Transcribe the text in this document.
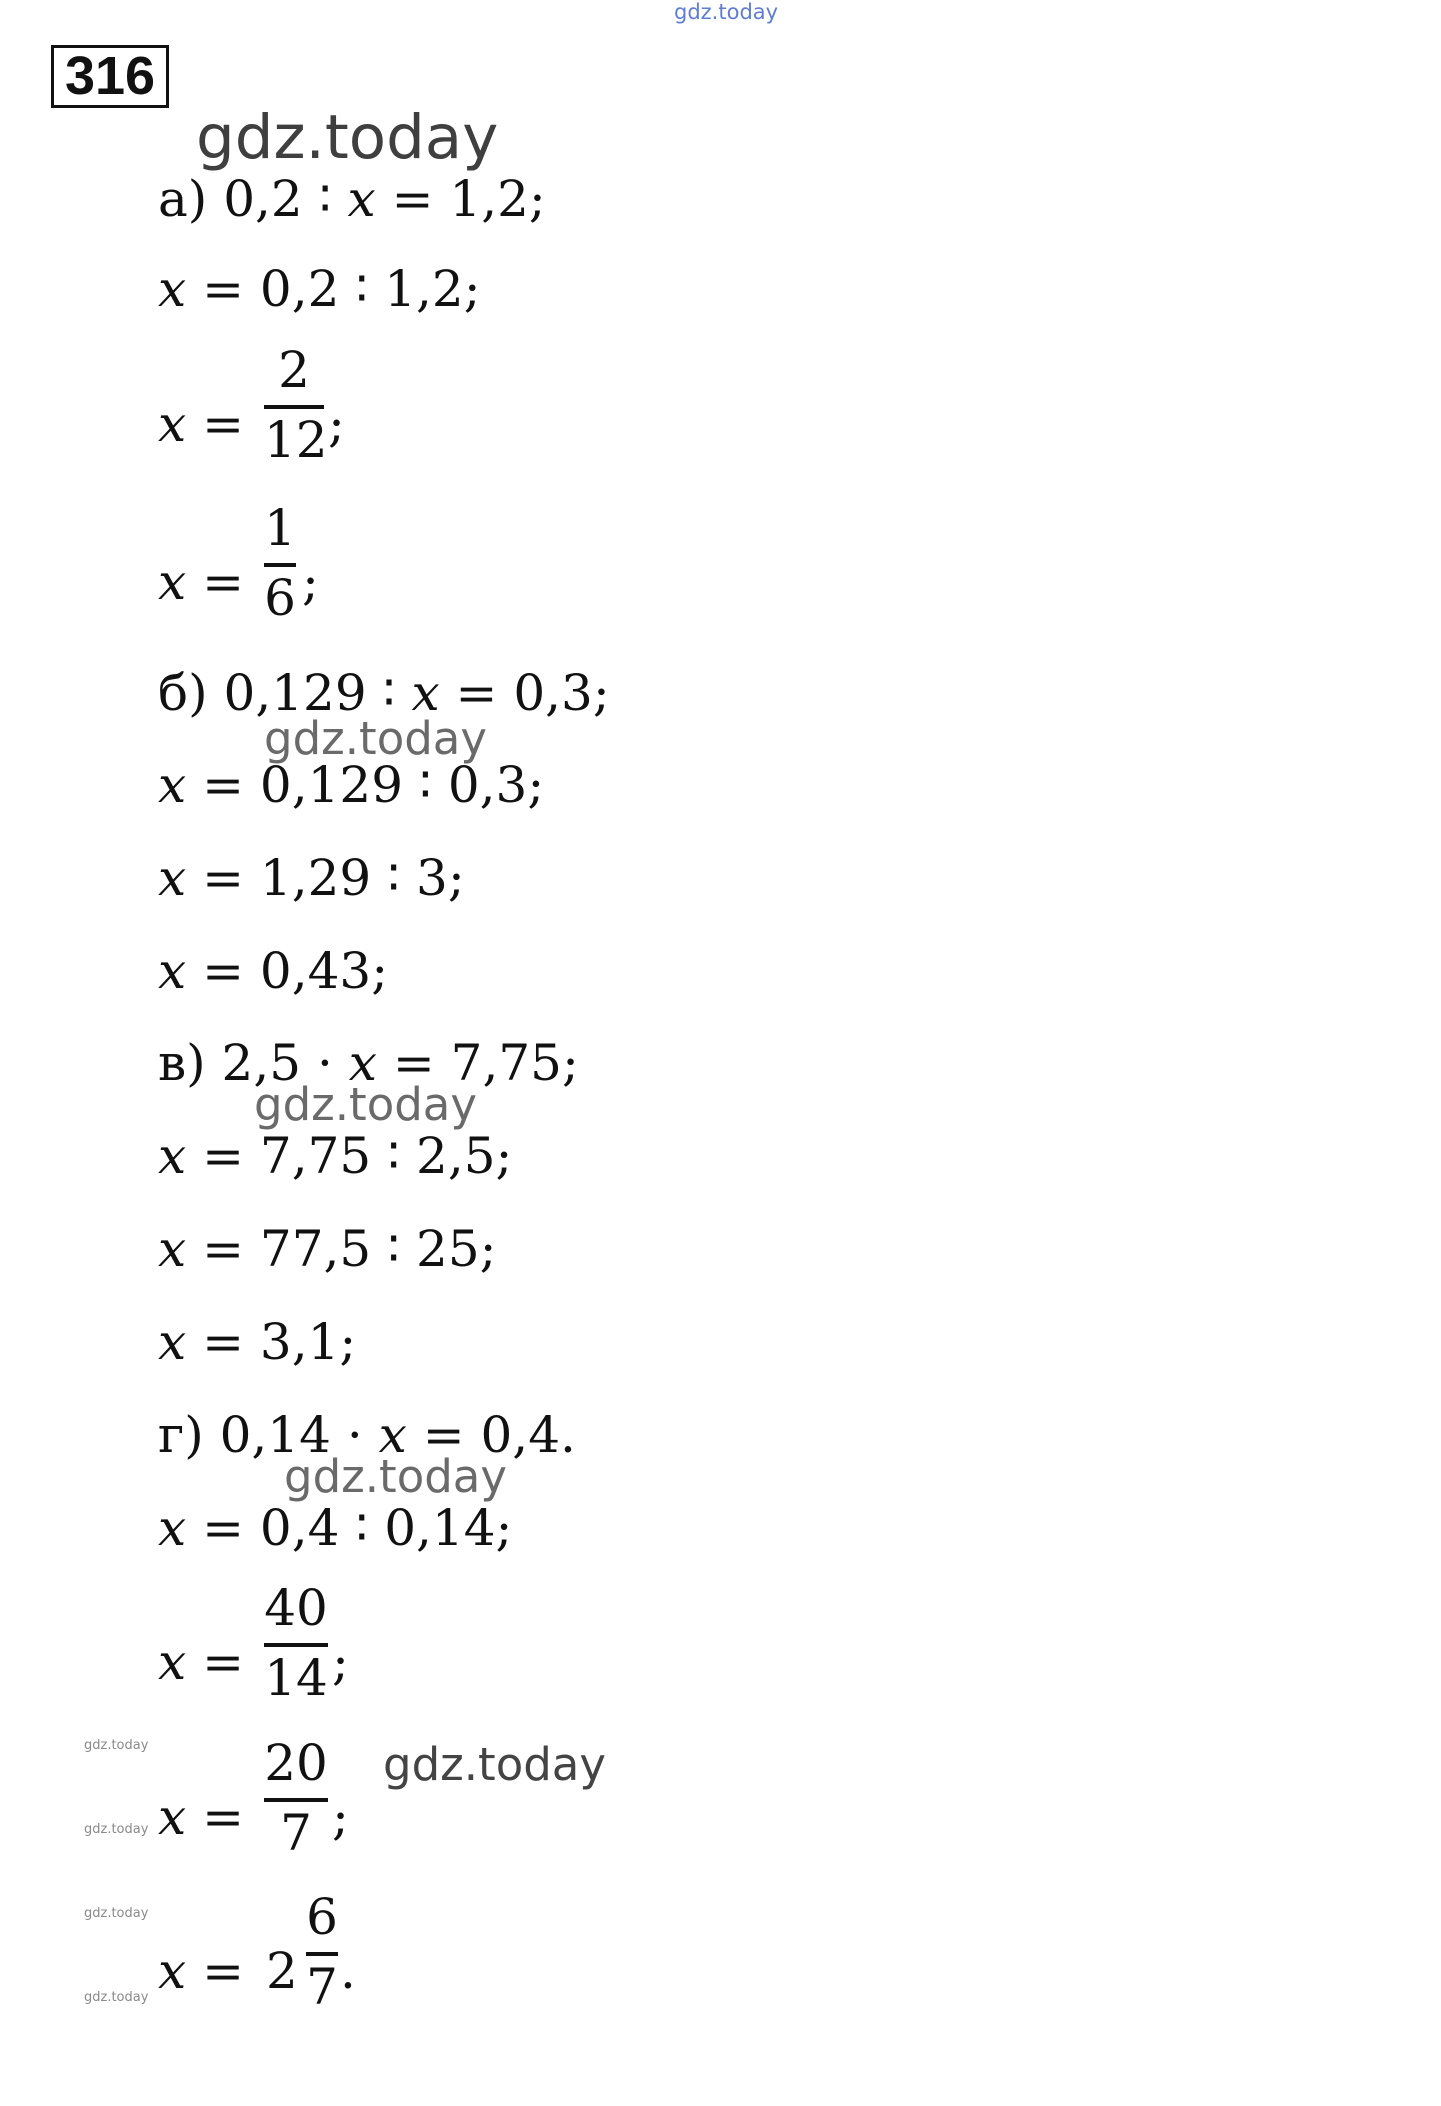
gdz.today
gdz.today
gdz.today
gdz.today
gdz.today
gdz.today
gdz.today
gdz.today
gdz.today
gdz.today
316
а) 0,2 ∶ x = 1,2;
x = 0,2 ∶ 1,2;
x =
2
12 ;
x =
1
6 ;
б) 0,129 ∶ x = 0,3;
x = 0,129 ∶ 0,3;
x = 1,29 ∶ 3;
x = 0,43;
в) 2,5 · x = 7,75;
x = 7,75 ∶ 2,5;
x = 77,5 ∶ 25;
x = 3,1;
г) 0,14 · x = 0,4.
x = 0,4 ∶ 0,14;
x =
40
14 ;
x =
20
7 ;
x = 2
6
7 .
